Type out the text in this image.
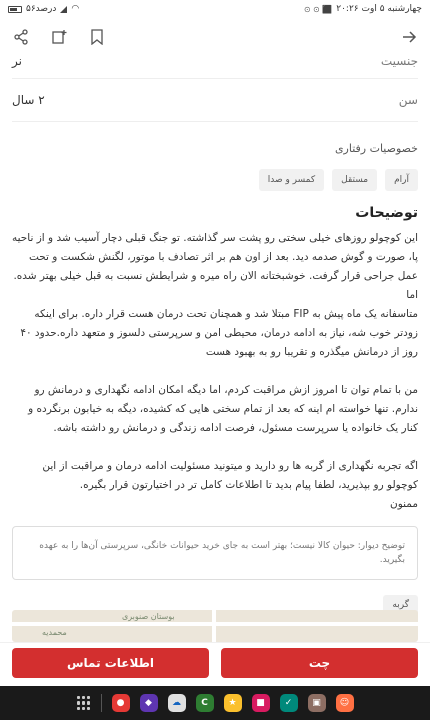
۵۶درصد ◠	⊙ ⊙ ⬛ چهارشنبه ۵ اوت ۲۰:۲۶
جنسیت
نر
سن
۲ سال
خصوصیات رفتاری
آرام
مستقل
کمسر و صدا
توضیحات
این کوچولو روزهای خیلی سختی رو پشت سر گذاشته. تو جنگ قبلی دچار آسیب شد و از ناحیه پا، صورت و گوش صدمه دید. بعد از اون هم بر اثر تصادف با موتور، لگنش شکست و تحت عمل جراحی قرار گرفت. خوشبختانه الان راه میره و شرایطش نسبت به قبل خیلی بهتر شده.
اما
متاسفانه یک ماه پیش به FIP مبتلا شد و همچنان تحت درمان هست قرار داره. برای اینکه زودتر خوب شه، نیاز به ادامه درمان، محیطی امن و سرپرستی دلسوز و متعهد داره.حدود ۴۰ روز از درمانش میگذره و تقریبا رو به بهبود هست
من با تمام توان تا امروز ازش مراقبت کردم، اما دیگه امکان ادامه نگهداری و درمانش رو ندارم. تنها خواسته ام اینه که بعد از تمام سختی هایی که کشیده، دیگه به خیابون برنگرده و کنار یک خانواده یا سرپرست مسئول، فرصت ادامه زندگی و درمانش رو داشته باشه.
اگه تجربه نگهداری از گربه ها رو دارید و میتونید مسئولیت ادامه درمان و مراقبت از این کوچولو رو بپذیرید، لطفا پیام بدید تا اطلاعات کامل تر در اختیارتون قرار بگیره.
ممنون
توضیح دیوار: حیوان کالا نیست؛ بهتر است به جای خرید حیوانات خانگی، سرپرستی آن‌ها را به عهده بگیرید.
گربه
بوستان صنوبری
محمدیه
اطلاعات تماس	چت
●	◆	☁	C	★	■	✓	▣	☺
